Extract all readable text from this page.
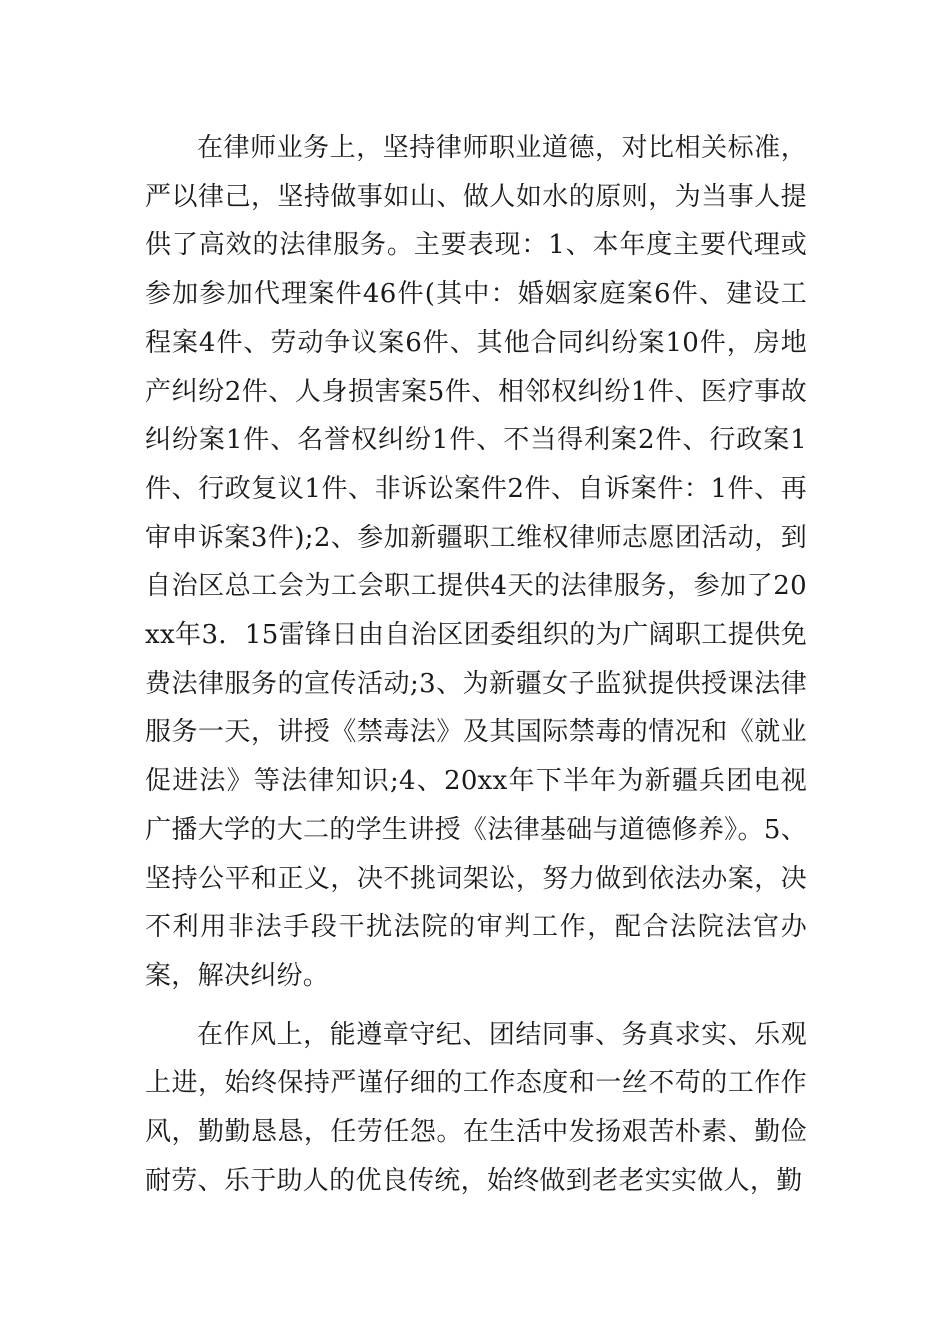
在律师业务上，坚持律师职业道德，对比相关标准，严以律己，坚持做事如山、做人如水的原则，为当事人提供了高效的法律服务。主要表现：1、本年度主要代理或参加参加代理案件46件(其中：婚姻家庭案6件、建设工程案4件、劳动争议案6件、其他合同纠纷案10件，房地产纠纷2件、人身损害案5件、相邻权纠纷1件、医疗事故纠纷案1件、名誉权纠纷1件、不当得利案2件、行政案1件、行政复议1件、非诉讼案件2件、自诉案件：1件、再审申诉案3件);2、参加新疆职工维权律师志愿团活动，到自治区总工会为工会职工提供4天的法律服务，参加了20xx年3．15雷锋日由自治区团委组织的为广阔职工提供免费法律服务的宣传活动;3、为新疆女子监狱提供授课法律服务一天，讲授《禁毒法》及其国际禁毒的情况和《就业促进法》等法律知识;4、20xx年下半年为新疆兵团电视广播大学的大二的学生讲授《法律基础与道德修养》。5、坚持公平和正义，决不挑词架讼，努力做到依法办案，决不利用非法手段干扰法院的审判工作，配合法院法官办案，解决纠纷。

在作风上，能遵章守纪、团结同事、务真求实、乐观上进，始终保持严谨仔细的工作态度和一丝不苟的工作作风，勤勤恳恳，任劳任怨。在生活中发扬艰苦朴素、勤俭耐劳、乐于助人的优良传统，始终做到老老实实做人，勤
